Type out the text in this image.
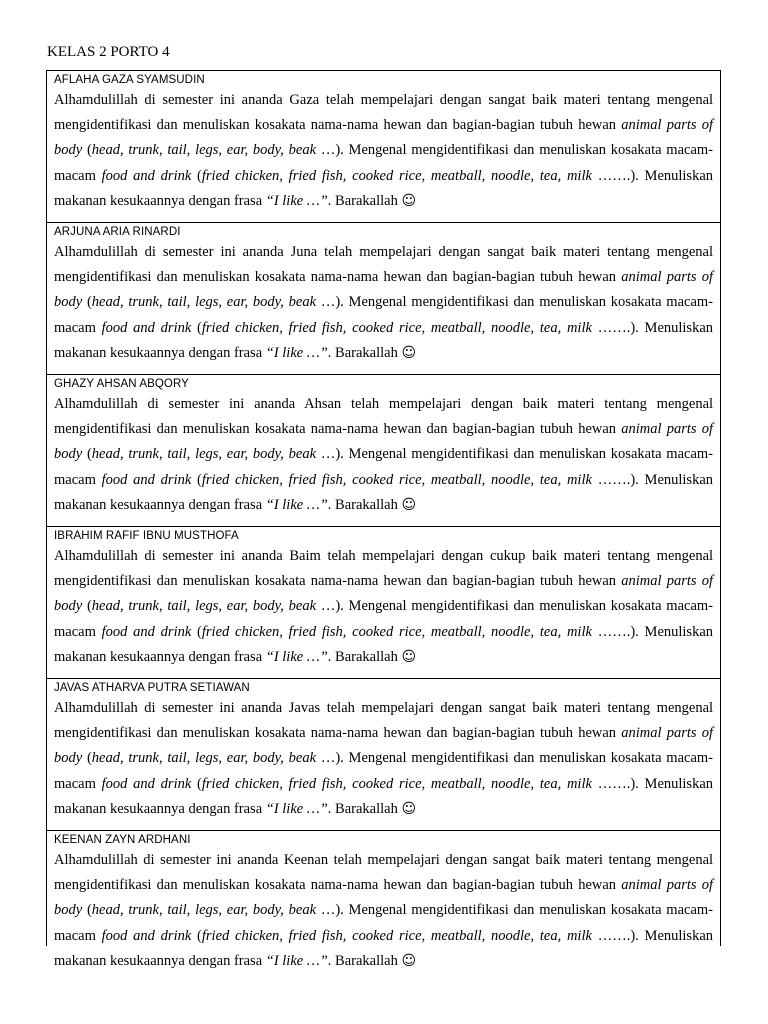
KELAS 2 PORTO 4
AFLAHA GAZA SYAMSUDIN
Alhamdulillah di semester ini ananda Gaza telah mempelajari dengan sangat baik materi tentang mengenal mengidentifikasi dan menuliskan kosakata nama-nama hewan dan bagian-bagian tubuh hewan animal parts of body (head, trunk, tail, legs, ear, body, beak …). Mengenal mengidentifikasi dan menuliskan kosakata macam-macam food and drink (fried chicken, fried fish, cooked rice, meatball, noodle, tea, milk …….). Menuliskan makanan kesukaannya dengan frasa “I like …”. Barakallah ☺
ARJUNA ARIA RINARDI
Alhamdulillah di semester ini ananda Juna telah mempelajari dengan sangat baik materi tentang mengenal mengidentifikasi dan menuliskan kosakata nama-nama hewan dan bagian-bagian tubuh hewan animal parts of body (head, trunk, tail, legs, ear, body, beak …). Mengenal mengidentifikasi dan menuliskan kosakata macam-macam food and drink (fried chicken, fried fish, cooked rice, meatball, noodle, tea, milk …….). Menuliskan makanan kesukaannya dengan frasa “I like …”. Barakallah ☺
GHAZY AHSAN ABQORY
Alhamdulillah di semester ini ananda Ahsan telah mempelajari dengan baik materi tentang mengenal mengidentifikasi dan menuliskan kosakata nama-nama hewan dan bagian-bagian tubuh hewan animal parts of body (head, trunk, tail, legs, ear, body, beak …). Mengenal mengidentifikasi dan menuliskan kosakata macam-macam food and drink (fried chicken, fried fish, cooked rice, meatball, noodle, tea, milk …….). Menuliskan makanan kesukaannya dengan frasa “I like …”. Barakallah ☺
IBRAHIM RAFIF IBNU MUSTHOFA
Alhamdulillah di semester ini ananda Baim telah mempelajari dengan cukup baik materi tentang mengenal mengidentifikasi dan menuliskan kosakata nama-nama hewan dan bagian-bagian tubuh hewan animal parts of body (head, trunk, tail, legs, ear, body, beak …). Mengenal mengidentifikasi dan menuliskan kosakata macam-macam food and drink (fried chicken, fried fish, cooked rice, meatball, noodle, tea, milk …….). Menuliskan makanan kesukaannya dengan frasa “I like …”. Barakallah ☺
JAVAS ATHARVA PUTRA SETIAWAN
Alhamdulillah di semester ini ananda Javas telah mempelajari dengan sangat baik materi tentang mengenal mengidentifikasi dan menuliskan kosakata nama-nama hewan dan bagian-bagian tubuh hewan animal parts of body (head, trunk, tail, legs, ear, body, beak …). Mengenal mengidentifikasi dan menuliskan kosakata macam-macam food and drink (fried chicken, fried fish, cooked rice, meatball, noodle, tea, milk …….). Menuliskan makanan kesukaannya dengan frasa “I like …”. Barakallah ☺
KEENAN ZAYN ARDHANI
Alhamdulillah di semester ini ananda Keenan telah mempelajari dengan sangat baik materi tentang mengenal mengidentifikasi dan menuliskan kosakata nama-nama hewan dan bagian-bagian tubuh hewan animal parts of body (head, trunk, tail, legs, ear, body, beak …). Mengenal mengidentifikasi dan menuliskan kosakata macam-macam food and drink (fried chicken, fried fish, cooked rice, meatball, noodle, tea, milk …….). Menuliskan makanan kesukaannya dengan frasa “I like …”. Barakallah ☺
